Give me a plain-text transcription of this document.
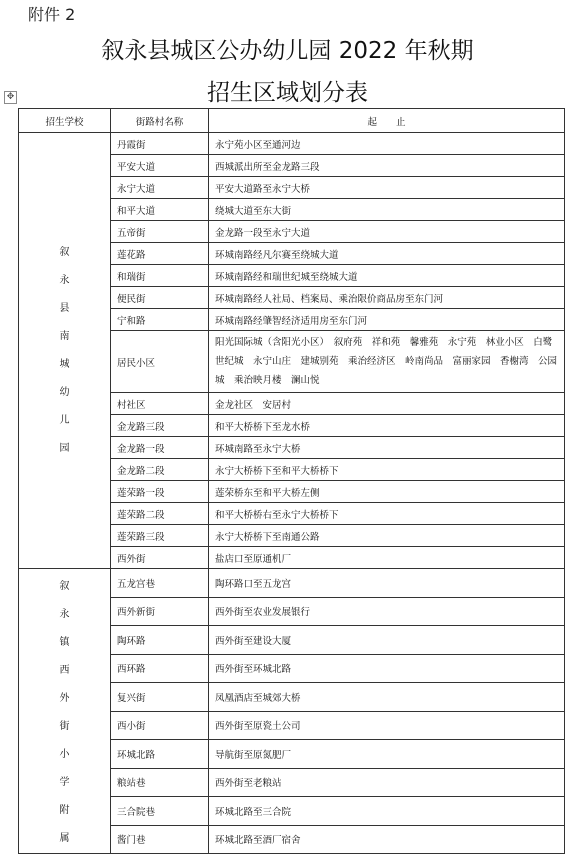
附件 2
叙永县城区公办幼儿园 2022 年秋期
招生区域划分表
✥
招生学校	街路村名称	起　　止
叙永县南城幼儿园	丹霞街	永宁苑小区至通河边
	平安大道	西城派出所至金龙路三段
	永宁大道	平安大道路至永宁大桥
	和平大道	绕城大道至东大街
	五帝街	金龙路一段至永宁大道
	莲花路	环城南路经凡尔赛至绕城大道
	和瑞街	环城南路经和瑞世纪城至绕城大道
	便民街	环城南路经人社局、档案局、乘治限价商品房至东门河
	宁和路	环城南路经肇智经济适用房至东门河
	居民小区	阳光国际城（含阳光小区）　叙府苑　祥和苑　馨雅苑　永宁苑　林业小区　白鹭世纪城　永宁山庄　建城别苑　乘治经济区　岭南尚品　富丽家园　香榭湾　公园城　乘治映月楼　澜山悦
	村社区	金龙社区　安居村
	金龙路三段	和平大桥桥下至龙水桥
	金龙路一段	环城南路至永宁大桥
	金龙路二段	永宁大桥桥下至和平大桥桥下
	莲荣路一段	莲荣桥东至和平大桥左侧
	莲荣路二段	和平大桥桥右至永宁大桥桥下
	莲荣路三段	永宁大桥桥下至南通公路
	西外街	盐店口至原通机厂
叙永镇西外街小学附属	五龙宫巷	陶环路口至五龙宫
	西外新街	西外街至农业发展银行
	陶环路	西外街至建设大厦
	西环路	西外街至环城北路
	复兴街	凤凰酒店至城郊大桥
	西小街	西外街至原瓷土公司
	环城北路	导航街至原氮肥厂
	粮站巷	西外街至老粮站
	三合院巷	环城北路至三合院
	酱门巷	环城北路至酒厂宿舍
